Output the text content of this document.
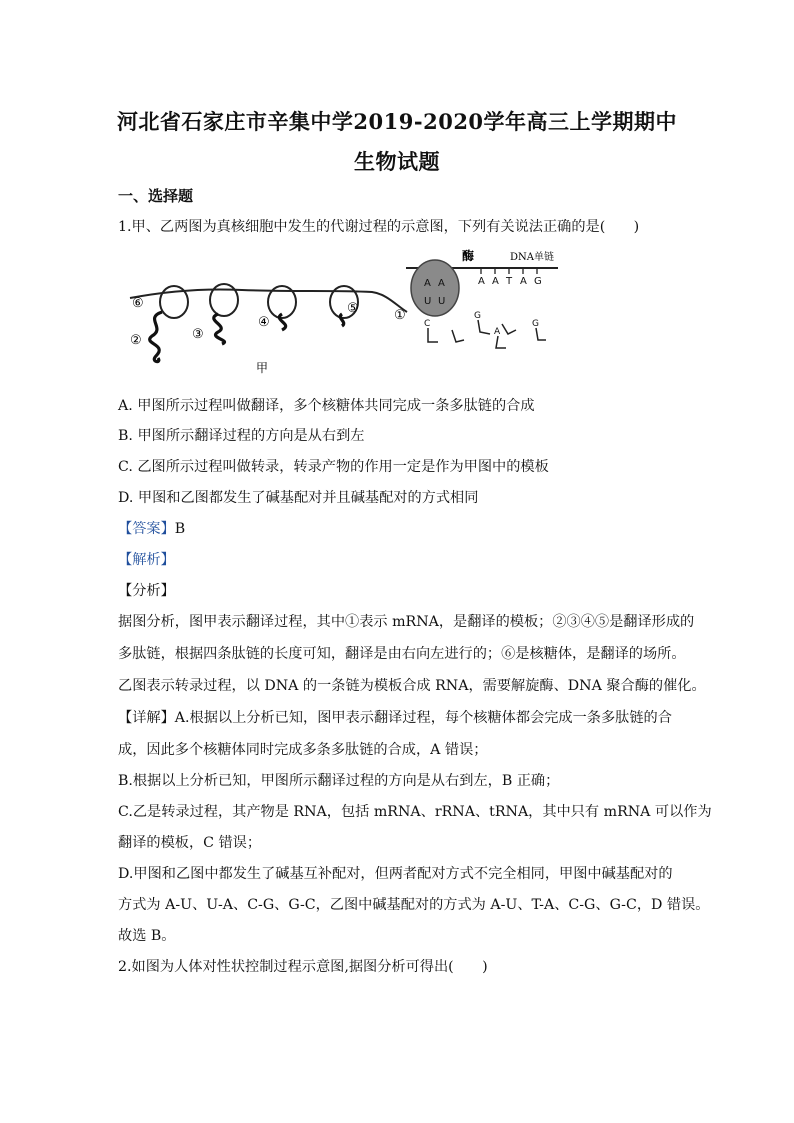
河北省石家庄市辛集中学2019-2020学年高三上学期期中
生物试题
一、选择题
1.甲、乙两图为真核细胞中发生的代谢过程的示意图，下列有关说法正确的是(　　)
⑥
②	③
④
⑤	①
甲
酶	DNA单链
A A
U U
A A T A G
C
G
A
G
A. 甲图所示过程叫做翻译，多个核糖体共同完成一条多肽链的合成
B. 甲图所示翻译过程的方向是从右到左
C. 乙图所示过程叫做转录，转录产物的作用一定是作为甲图中的模板
D. 甲图和乙图都发生了碱基配对并且碱基配对的方式相同
【答案】B
【解析】
【分析】
据图分析，图甲表示翻译过程，其中①表示 mRNA，是翻译的模板；②③④⑤是翻译形成的
多肽链，根据四条肽链的长度可知，翻译是由右向左进行的；⑥是核糖体，是翻译的场所。
乙图表示转录过程，以 DNA 的一条链为模板合成 RNA，需要解旋酶、DNA 聚合酶的催化。
【详解】A.根据以上分析已知，图甲表示翻译过程，每个核糖体都会完成一条多肽链的合
成，因此多个核糖体同时完成多条多肽链的合成，A 错误；
B.根据以上分析已知，甲图所示翻译过程的方向是从右到左，B 正确；
C.乙是转录过程，其产物是 RNA，包括 mRNA、rRNA、tRNA，其中只有 mRNA 可以作为
翻译的模板，C 错误；
D.甲图和乙图中都发生了碱基互补配对，但两者配对方式不完全相同，甲图中碱基配对的
方式为 A-U、U-A、C-G、G-C，乙图中碱基配对的方式为 A-U、T-A、C-G、G-C，D 错误。
故选 B。
2.如图为人体对性状控制过程示意图,据图分析可得出(　　)
